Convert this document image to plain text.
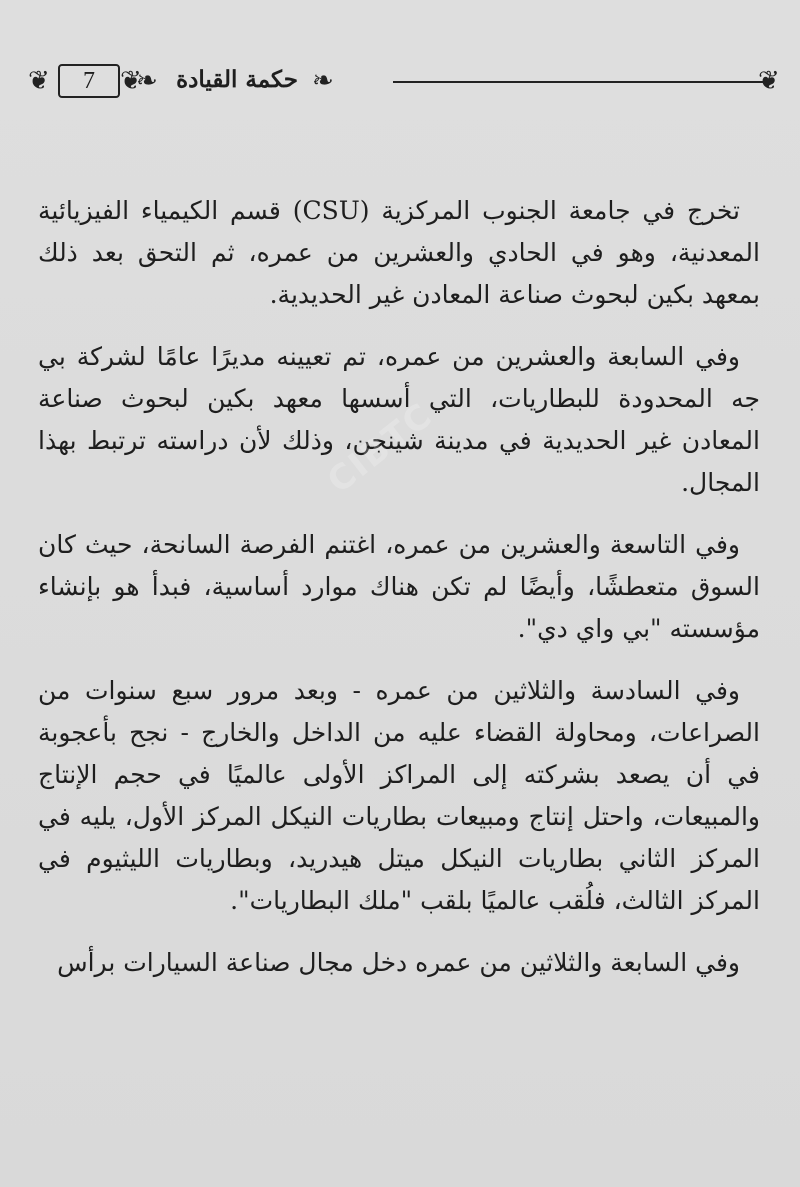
❦	7 ❦
❧ حكمة القيادة ❧	❦

تخرج في جامعة الجنوب المركزية (CSU) قسم الكيمياء الفيزيائية المعدنية، وهو في الحادي والعشرين من عمره، ثم التحق بعد ذلك بمعهد بكين لبحوث صناعة المعادن غير الحديدية.

وفي السابعة والعشرين من عمره، تم تعيينه مديرًا عامًا لشركة بي جه المحدودة للبطاريات، التي أسسها معهد بكين لبحوث صناعة المعادن غير الحديدية في مدينة شينجن، وذلك لأن دراسته ترتبط بهذا المجال.

وفي التاسعة والعشرين من عمره، اغتنم الفرصة السانحة، حيث كان السوق متعطشًا، وأيضًا لم تكن هناك موارد أساسية، فبدأ هو بإنشاء مؤسسته "بي واي دي".

وفي السادسة والثلاثين من عمره - وبعد مرور سبع سنوات من الصراعات، ومحاولة القضاء عليه من الداخل والخارج - نجح بأعجوبة في أن يصعد بشركته إلى المراكز الأولى عالميًا في حجم الإنتاج والمبيعات، واحتل إنتاج ومبيعات بطاريات النيكل المركز الأول، يليه في المركز الثاني بطاريات النيكل ميتل هيدريد، وبطاريات الليثيوم في المركز الثالث، فلُقب عالميًا بلقب "ملك البطاريات".

وفي السابعة والثلاثين من عمره دخل مجال صناعة السيارات برأس

CIBTC
